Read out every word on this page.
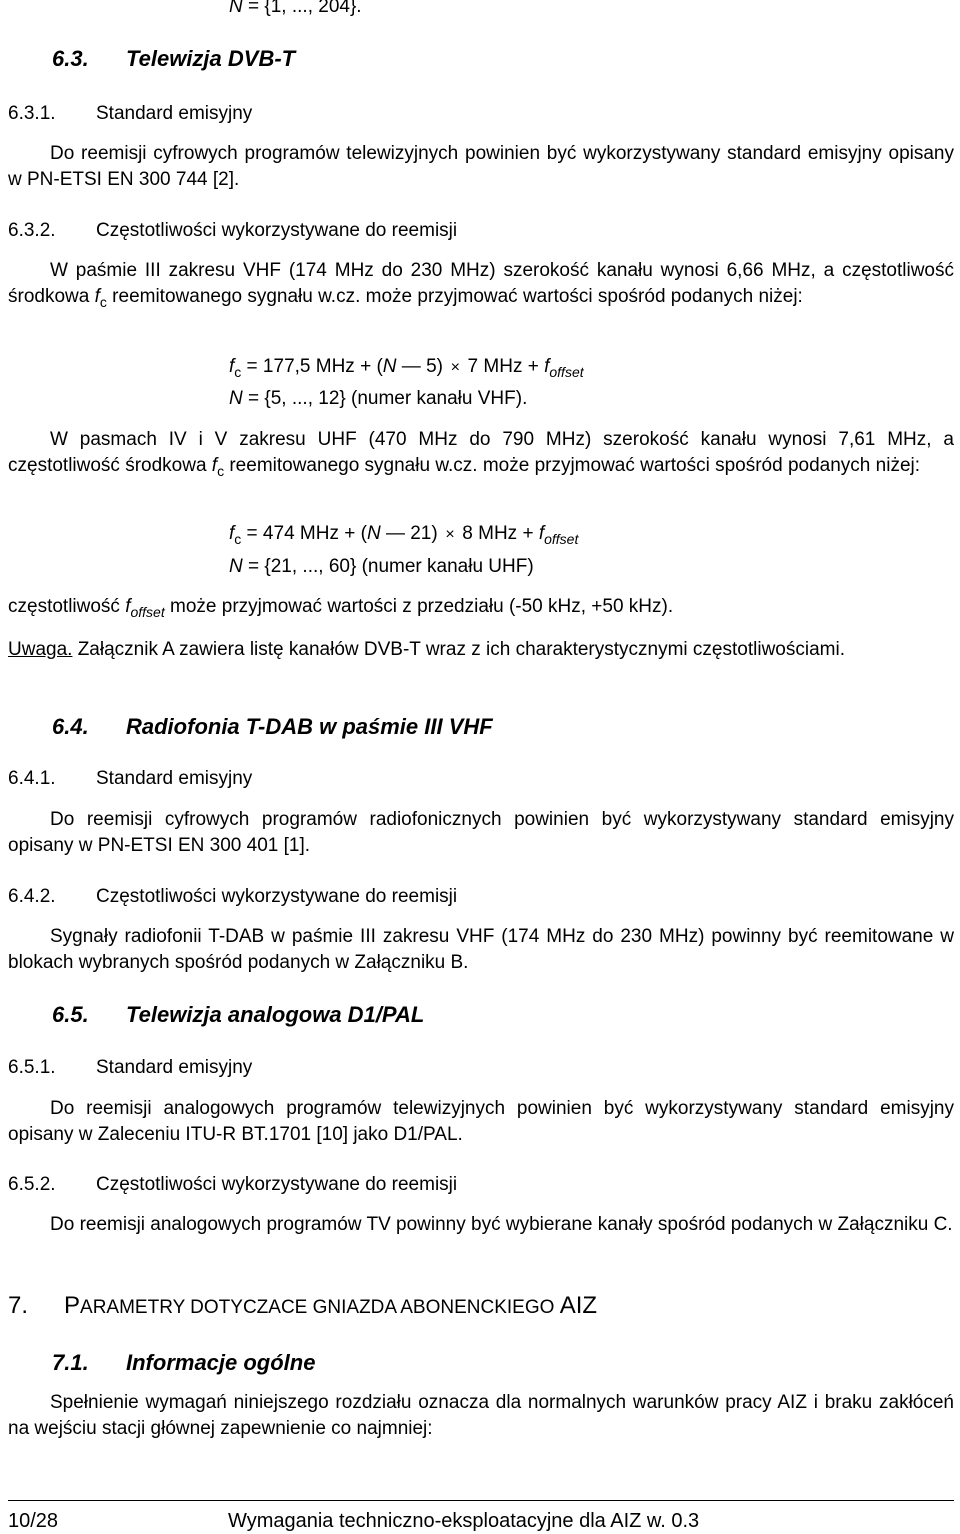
N = {1, ..., 204}.
6.3. Telewizja DVB-T
6.3.1. Standard emisyjny
Do reemisji cyfrowych programów telewizyjnych powinien być wykorzystywany standard emisyjny opisany w PN-ETSI EN 300 744 [2].
6.3.2. Częstotliwości wykorzystywane do reemisji
W paśmie III zakresu VHF (174 MHz do 230 MHz) szerokość kanału wynosi 6,66 MHz, a częstotliwość środkowa $f_c$ reemitowanego sygnału w.cz. może przyjmować wartości spośród podanych niżej:
$f_c = 177,5$ MHz + (N — 5) × 7 MHz + $f_{offset}$
N = {5, ..., 12} (numer kanału VHF).
W pasmach IV i V zakresu UHF (470 MHz do 790 MHz) szerokość kanału wynosi 7,61 MHz, a częstotliwość środkowa $f_c$ reemitowanego sygnału w.cz. może przyjmować wartości spośród podanych niżej:
$f_c = 474$ MHz + (N — 21) × 8 MHz + $f_{offset}$
N = {21, ..., 60} (numer kanału UHF)
częstotliwość $f_{offset}$ może przyjmować wartości z przedziału (-50 kHz, +50 kHz).
Uwaga. Załącznik A zawiera listę kanałów DVB-T wraz z ich charakterystycznymi częstotliwościami.
6.4. Radiofonia T-DAB w paśmie III VHF
6.4.1. Standard emisyjny
Do reemisji cyfrowych programów radiofonicznych powinien być wykorzystywany standard emisyjny opisany w PN-ETSI EN 300 401 [1].
6.4.2. Częstotliwości wykorzystywane do reemisji
Sygnały radiofonii T-DAB w paśmie III zakresu VHF (174 MHz do 230 MHz) powinny być reemitowane w blokach wybranych spośród podanych w Załączniku B.
6.5. Telewizja analogowa D1/PAL
6.5.1. Standard emisyjny
Do reemisji analogowych programów telewizyjnych powinien być wykorzystywany standard emisyjny opisany w Zaleceniu ITU-R BT.1701 [10] jako D1/PAL.
6.5.2. Częstotliwości wykorzystywane do reemisji
Do reemisji analogowych programów TV powinny być wybierane kanały spośród podanych w Załączniku C.
7. PARAMETRY DOTYCZACE GNIAZDA ABONENCKIEGO AIZ
7.1. Informacje ogólne
Spełnienie wymagań niniejszego rozdziału oznacza dla normalnych warunków pracy AIZ i braku zakłóceń na wejściu stacji głównej zapewnienie co najmniej:
10/28	Wymagania techniczno-eksploatacyjne dla AIZ w. 0.3
